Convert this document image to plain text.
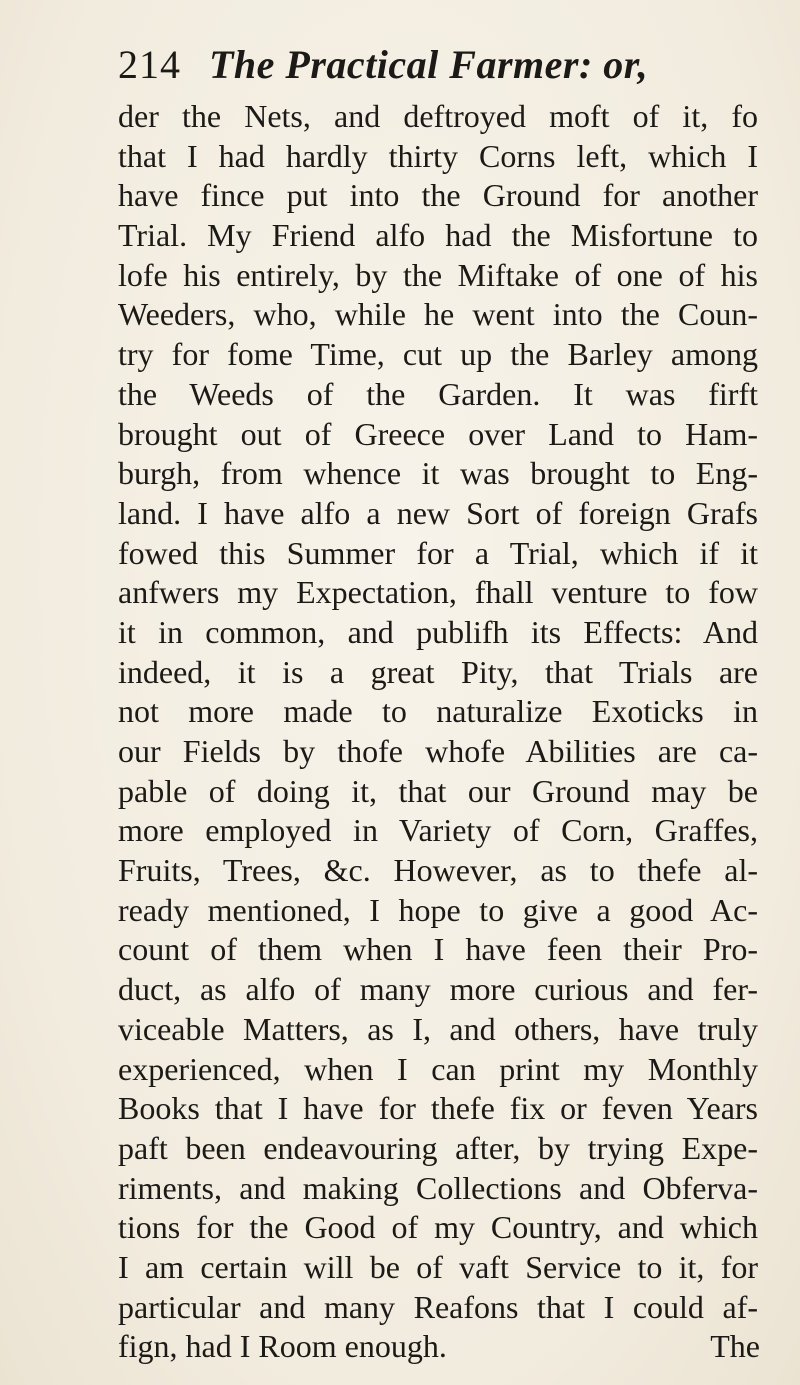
214 The Practical Farmer: or,
der the Nets, and deftroyed moft of it, fo
that I had hardly thirty Corns left, which I
have fince put into the Ground for another
Trial. My Friend alfo had the Misfortune to
lofe his entirely, by the Miftake of one of his
Weeders, who, while he went into the Coun-
try for fome Time, cut up the Barley among
the Weeds of the Garden. It was firft
brought out of Greece over Land to Ham-
burgh, from whence it was brought to Eng-
land. I have alfo a new Sort of foreign Grafs
fowed this Summer for a Trial, which if it
anfwers my Expectation, fhall venture to fow
it in common, and publifh its Effects: And
indeed, it is a great Pity, that Trials are
not more made to naturalize Exoticks in
our Fields by thofe whofe Abilities are ca-
pable of doing it, that our Ground may be
more employed in Variety of Corn, Graffes,
Fruits, Trees, &c. However, as to thefe al-
ready mentioned, I hope to give a good Ac-
count of them when I have feen their Pro-
duct, as alfo of many more curious and fer-
viceable Matters, as I, and others, have truly
experienced, when I can print my Monthly
Books that I have for thefe fix or feven Years
paft been endeavouring after, by trying Expe-
riments, and making Collections and Obferva-
tions for the Good of my Country, and which
I am certain will be of vaft Service to it, for
particular and many Reafons that I could af-
fign, had I Room enough.	The
